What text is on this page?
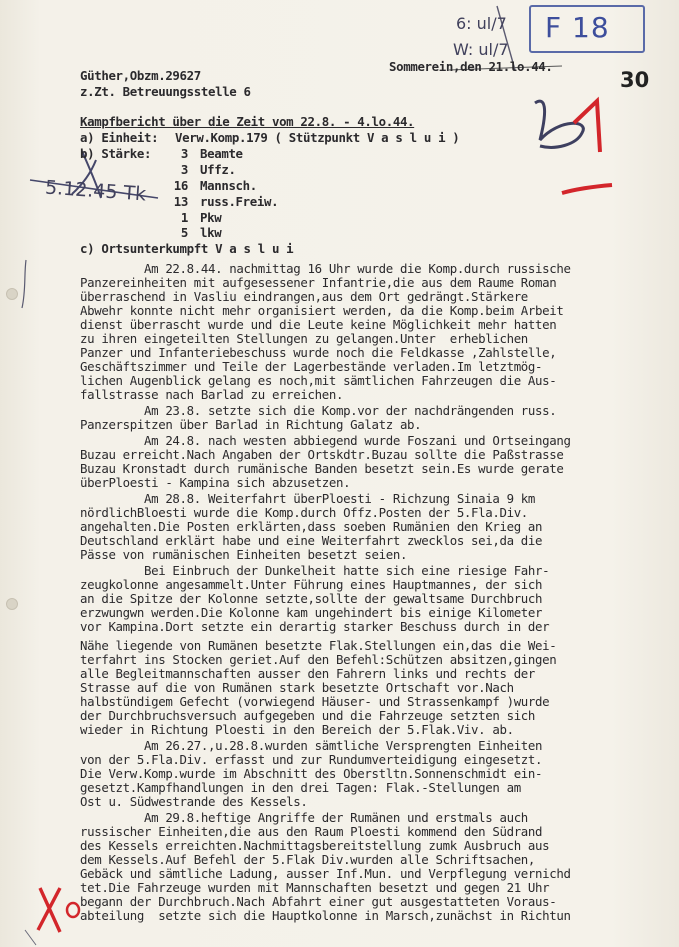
6: ul/7
W: ul/7
5.12.45 Tk
F 18
30
Güther,Obzm.29627
z.Zt. Betreuungsstelle 6
Sommerein,den 21.lo.44.
Kampfbericht über die Zeit vom 22.8. - 4.lo.44.
a) Einheit: Verw.Komp.179 ( Stützpunkt V a s l u i )
b) Stärke:	3 Beamte
3 Uffz.
16 Mannsch.
13 russ.Freiw.
1 Pkw
5 lkw
c) Ortsunterkumpft V a s l u i
Am 22.8.44. nachmittag 16 Uhr wurde die Komp.durch russische
Panzereinheiten mit aufgesessener Infantrie,die aus dem Raume Roman
überraschend in Vasliu eindrangen,aus dem Ort gedrängt.Stärkere
Abwehr konnte nicht mehr organisiert werden, da die Komp.beim Arbeit
dienst überrascht wurde und die Leute keine Möglichkeit mehr hatten
zu ihren eingeteilten Stellungen zu gelangen.Unter  erheblichen
Panzer und Infanteriebeschuss wurde noch die Feldkasse ,Zahlstelle,
Geschäftszimmer und Teile der Lagerbestände verladen.Im letztmög-
lichen Augenblick gelang es noch,mit sämtlichen Fahrzeugen die Aus-
fallstrasse nach Barlad zu erreichen.
Am 23.8. setzte sich die Komp.vor der nachdrängenden russ.
Panzerspitzen über Barlad in Richtung Galatz ab.
Am 24.8. nach westen abbiegend wurde Foszani und Ortseingang
Buzau erreicht.Nach Angaben der Ortskdtr.Buzau sollte die Paßstrasse
Buzau Kronstadt durch rumänische Banden besetzt sein.Es wurde gerate
überPloesti - Kampina sich abzusetzen.
Am 28.8. Weiterfahrt überPloesti - Richzung Sinaia 9 km
nördlichBloesti wurde die Komp.durch Offz.Posten der 5.Fla.Div.
angehalten.Die Posten erklärten,dass soeben Rumänien den Krieg an
Deutschland erklärt habe und eine Weiterfahrt zwecklos sei,da die
Pässe von rumänischen Einheiten besetzt seien.
Bei Einbruch der Dunkelheit hatte sich eine riesige Fahr-
zeugkolonne angesammelt.Unter Führung eines Hauptmannes, der sich
an die Spitze der Kolonne setzte,sollte der gewaltsame Durchbruch
erzwungwn werden.Die Kolonne kam ungehindert bis einige Kilometer
vor Kampina.Dort setzte ein derartig starker Beschuss durch in der
Nähe liegende von Rumänen besetzte Flak.Stellungen ein,das die Wei-
terfahrt ins Stocken geriet.Auf den Befehl:Schützen absitzen,gingen
alle Begleitmannschaften ausser den Fahrern links und rechts der
Strasse auf die von Rumänen stark besetzte Ortschaft vor.Nach
halbstündigem Gefecht (vorwiegend Häuser- und Strassenkampf )wurde
der Durchbruchsversuch aufgegeben und die Fahrzeuge setzten sich
wieder in Richtung Ploesti in den Bereich der 5.Flak.Viv. ab.
Am 26.27.,u.28.8.wurden sämtliche Versprengten Einheiten
von der 5.Fla.Div. erfasst und zur Rundumverteidigung eingesetzt.
Die Verw.Komp.wurde im Abschnitt des Oberstltn.Sonnenschmidt ein-
gesetzt.Kampfhandlungen in den drei Tagen: Flak.-Stellungen am
Ost u. Südwestrande des Kessels.
Am 29.8.heftige Angriffe der Rumänen und erstmals auch
russischer Einheiten,die aus den Raum Ploesti kommend den Südrand
des Kessels erreichten.Nachmittagsbereitstellung zumk Ausbruch aus
dem Kessels.Auf Befehl der 5.Flak Div.wurden alle Schriftsachen,
Gebäck und sämtliche Ladung, ausser Inf.Mun. und Verpflegung vernichd
tet.Die Fahrzeuge wurden mit Mannschaften besetzt und gegen 21 Uhr
begann der Durchbruch.Nach Abfahrt einer gut ausgestatteten Voraus-
abteilung  setzte sich die Hauptkolonne in Marsch,zunächst in Richtun
